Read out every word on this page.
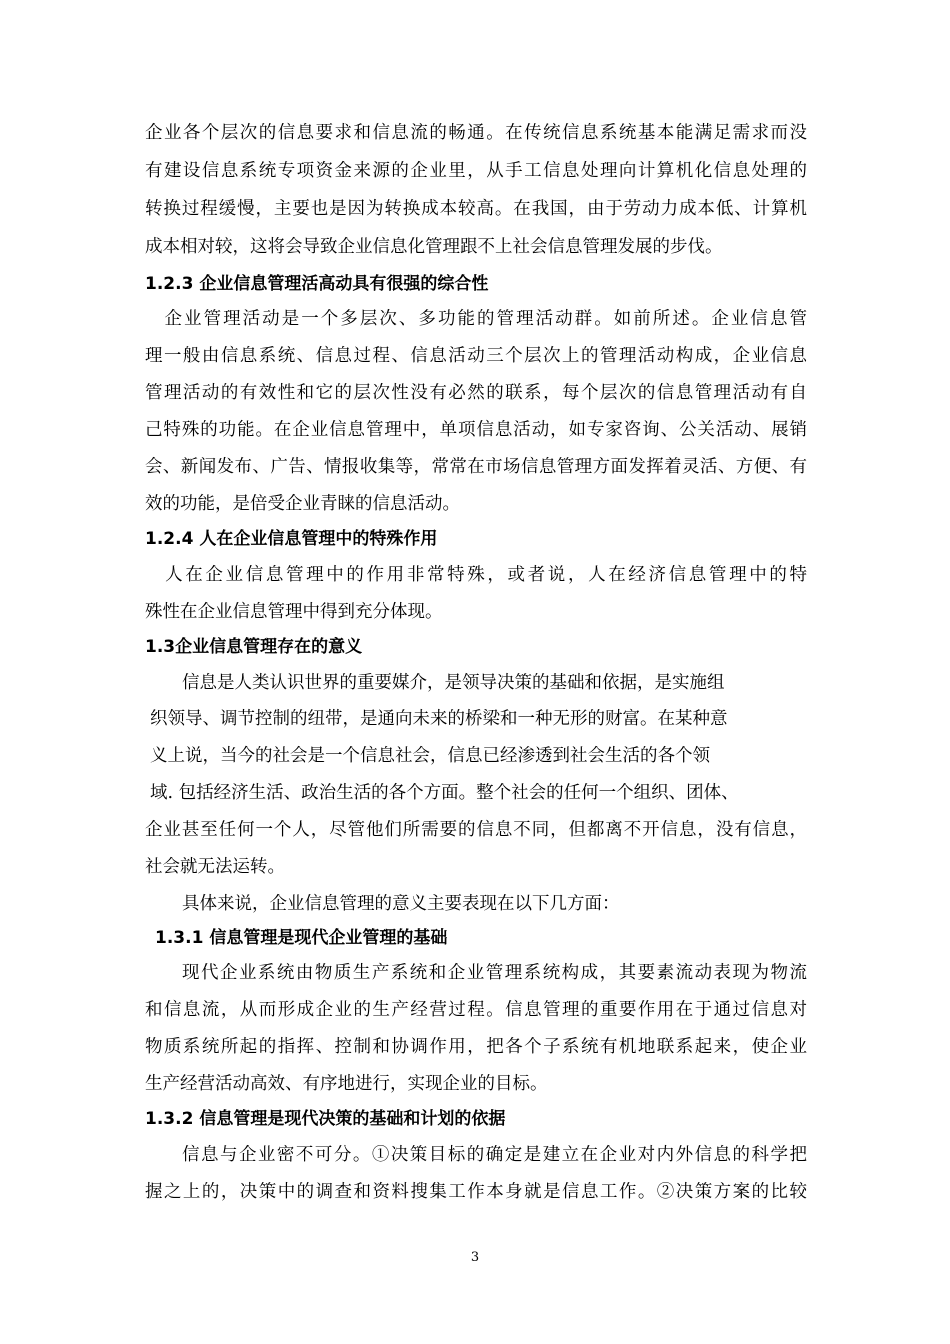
企业各个层次的信息要求和信息流的畅通。在传统信息系统基本能满足需求而没
有建设信息系统专项资金来源的企业里，从手工信息处理向计算机化信息处理的
转换过程缓慢，主要也是因为转换成本较高。在我国，由于劳动力成本低、计算机
成本相对较，这将会导致企业信息化管理跟不上社会信息管理发展的步伐。
1.2.3 企业信息管理活高动具有很强的综合性
　企业管理活动是一个多层次、多功能的管理活动群。如前所述。企业信息管
理一般由信息系统、信息过程、信息活动三个层次上的管理活动构成，企业信息
管理活动的有效性和它的层次性没有必然的联系，每个层次的信息管理活动有自
己特殊的功能。在企业信息管理中，单项信息活动，如专家咨询、公关活动、展销
会、新闻发布、广告、情报收集等，常常在市场信息管理方面发挥着灵活、方便、有
效的功能，是倍受企业青睐的信息活动。
1.2.4 人在企业信息管理中的特殊作用
　人在企业信息管理中的作用非常特殊，或者说，人在经济信息管理中的特
殊性在企业信息管理中得到充分体现。
1.3企业信息管理存在的意义
信息是人类认识世界的重要媒介，是领导决策的基础和依据，是实施组
织领导、调节控制的纽带，是通向未来的桥梁和一种无形的财富。在某种意
义上说，当今的社会是一个信息社会，信息已经渗透到社会生活的各个领
域. 包括经济生活、政治生活的各个方面。整个社会的任何一个组织、团体、
企业甚至任何一个人，尽管他们所需要的信息不同，但都离不开信息，没有信息，
社会就无法运转。
具体来说，企业信息管理的意义主要表现在以下几方面：
1.3.1 信息管理是现代企业管理的基础
现代企业系统由物质生产系统和企业管理系统构成，其要素流动表现为物流
和信息流，从而形成企业的生产经营过程。信息管理的重要作用在于通过信息对
物质系统所起的指挥、控制和协调作用，把各个子系统有机地联系起来，使企业
生产经营活动高效、有序地进行，实现企业的目标。
1.3.2 信息管理是现代决策的基础和计划的依据
信息与企业密不可分。①决策目标的确定是建立在企业对内外信息的科学把
握之上的，决策中的调查和资料搜集工作本身就是信息工作。②决策方案的比较
3
